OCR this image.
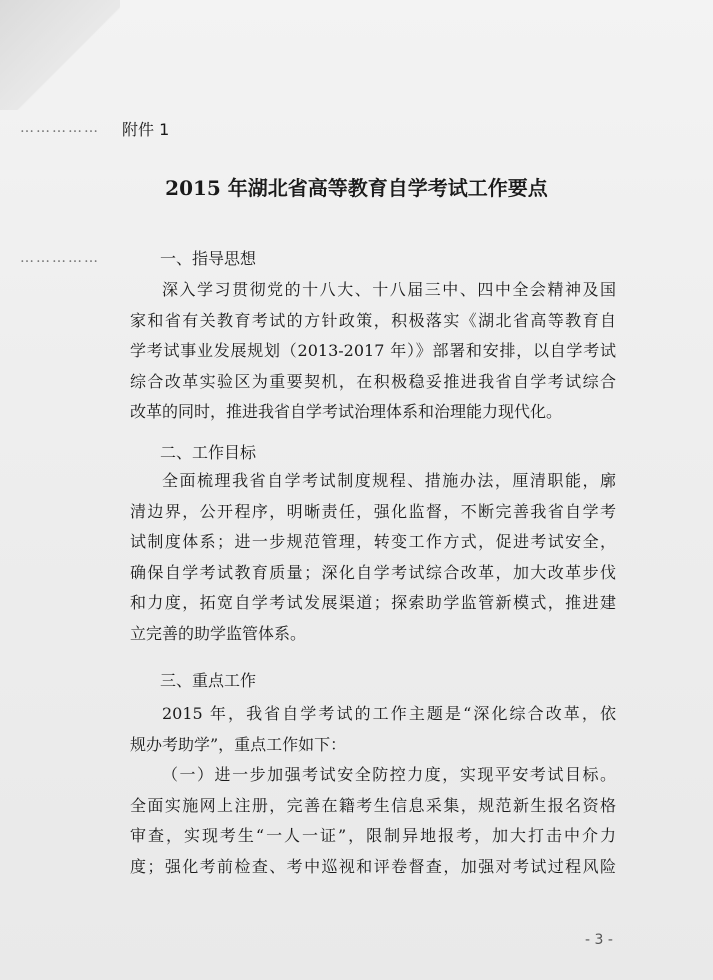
……………
……………
附件 1
2015 年湖北省高等教育自学考试工作要点
一、指导思想
深入学习贯彻党的十八大、十八届三中、四中全会精神及国
家和省有关教育考试的方针政策，积极落实《湖北省高等教育自
学考试事业发展规划（2013-2017 年）》部署和安排，以自学考试
综合改革实验区为重要契机，在积极稳妥推进我省自学考试综合
改革的同时，推进我省自学考试治理体系和治理能力现代化。
二、工作目标
全面梳理我省自学考试制度规程、措施办法，厘清职能，廓
清边界，公开程序，明晰责任，强化监督，不断完善我省自学考
试制度体系；进一步规范管理，转变工作方式，促进考试安全，
确保自学考试教育质量；深化自学考试综合改革，加大改革步伐
和力度，拓宽自学考试发展渠道；探索助学监管新模式，推进建
立完善的助学监管体系。
三、重点工作
2015 年，我省自学考试的工作主题是“深化综合改革，依
规办考助学”，重点工作如下：
（一）进一步加强考试安全防控力度，实现平安考试目标。
全面实施网上注册，完善在籍考生信息采集，规范新生报名资格
审查，实现考生“一人一证”，限制异地报考，加大打击中介力
度；强化考前检查、考中巡视和评卷督查，加强对考试过程风险
- 3 -
